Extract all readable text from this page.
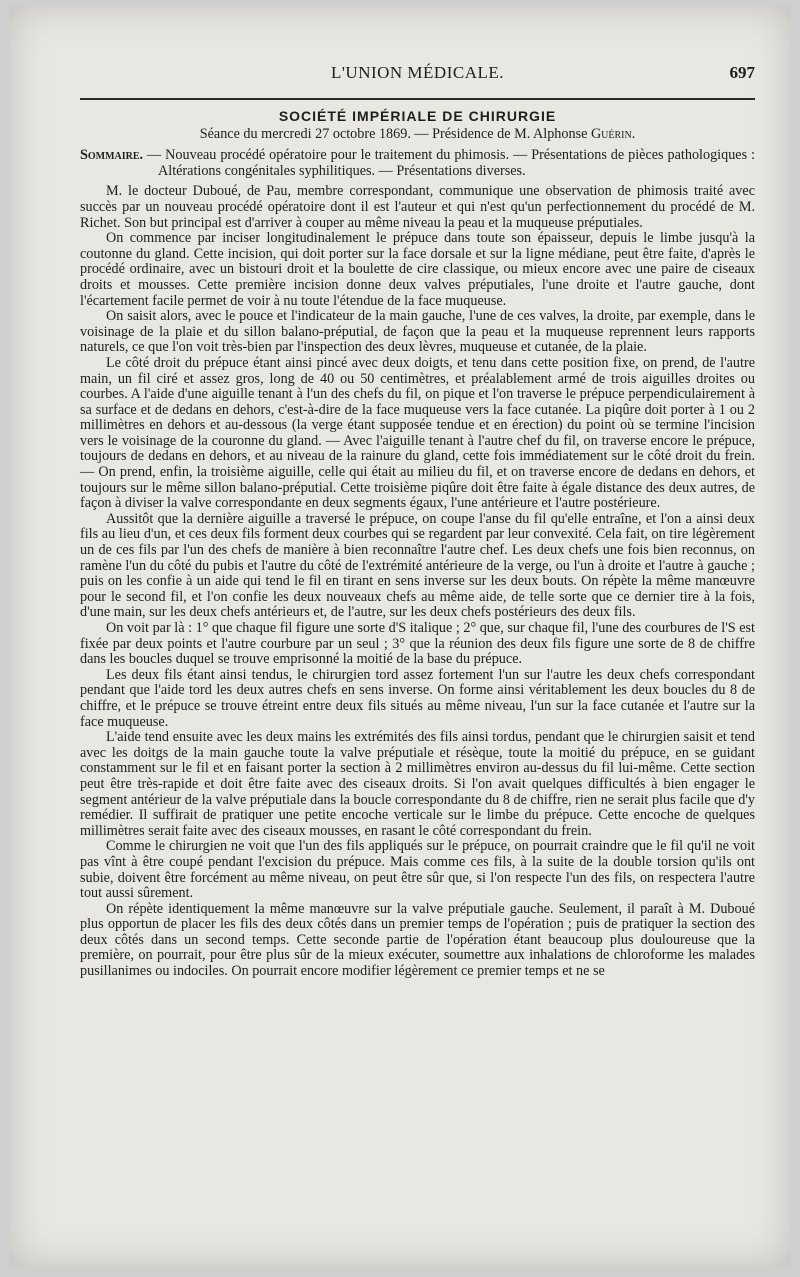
L'UNION MÉDICALE.	697

SOCIÉTÉ IMPÉRIALE DE CHIRURGIE

Séance du mercredi 27 octobre 1869. — Présidence de M. Alphonse Guérin.

Sommaire. — Nouveau procédé opératoire pour le traitement du phimosis. — Présentations de pièces pathologiques : Altérations congénitales syphilitiques. — Présentations diverses.

M. le docteur Duboué, de Pau, membre correspondant, communique une observation de phimosis traité avec succès par un nouveau procédé opératoire dont il est l'auteur et qui n'est qu'un perfectionnement du procédé de M. Richet. Son but principal est d'arriver à couper au même niveau la peau et la muqueuse préputiales.

On commence par inciser longitudinalement le prépuce dans toute son épaisseur, depuis le limbe jusqu'à la coutonne du gland. Cette incision, qui doit porter sur la face dorsale et sur la ligne médiane, peut être faite, d'après le procédé ordinaire, avec un bistouri droit et la boulette de cire classique, ou mieux encore avec une paire de ciseaux droits et mousses. Cette première incision donne deux valves préputiales, l'une droite et l'autre gauche, dont l'écartement facile permet de voir à nu toute l'étendue de la face muqueuse.

On saisit alors, avec le pouce et l'indicateur de la main gauche, l'une de ces valves, la droite, par exemple, dans le voisinage de la plaie et du sillon balano-préputial, de façon que la peau et la muqueuse reprennent leurs rapports naturels, ce que l'on voit très-bien par l'inspection des deux lèvres, muqueuse et cutanée, de la plaie.

Le côté droit du prépuce étant ainsi pincé avec deux doigts, et tenu dans cette position fixe, on prend, de l'autre main, un fil ciré et assez gros, long de 40 ou 50 centimètres, et préalablement armé de trois aiguilles droites ou courbes. A l'aide d'une aiguille tenant à l'un des chefs du fil, on pique et l'on traverse le prépuce perpendiculairement à sa surface et de dedans en dehors, c'est-à-dire de la face muqueuse vers la face cutanée. La piqûre doit porter à 1 ou 2 millimètres en dehors et au-dessous (la verge étant supposée tendue et en érection) du point où se termine l'incision vers le voisinage de la couronne du gland. — Avec l'aiguille tenant à l'autre chef du fil, on traverse encore le prépuce, toujours de dedans en dehors, et au niveau de la rainure du gland, cette fois immédiatement sur le côté droit du frein. — On prend, enfin, la troisième aiguille, celle qui était au milieu du fil, et on traverse encore de dedans en dehors, et toujours sur le même sillon balano-préputial. Cette troisième piqûre doit être faite à égale distance des deux autres, de façon à diviser la valve correspondante en deux segments égaux, l'une antérieure et l'autre postérieure.

Aussitôt que la dernière aiguille a traversé le prépuce, on coupe l'anse du fil qu'elle entraîne, et l'on a ainsi deux fils au lieu d'un, et ces deux fils forment deux courbes qui se regardent par leur convexité. Cela fait, on tire légèrement un de ces fils par l'un des chefs de manière à bien reconnaître l'autre chef. Les deux chefs une fois bien reconnus, on ramène l'un du côté du pubis et l'autre du côté de l'extrémité antérieure de la verge, ou l'un à droite et l'autre à gauche ; puis on les confie à un aide qui tend le fil en tirant en sens inverse sur les deux bouts. On répète la même manœuvre pour le second fil, et l'on confie les deux nouveaux chefs au même aide, de telle sorte que ce dernier tire à la fois, d'une main, sur les deux chefs antérieurs et, de l'autre, sur les deux chefs postérieurs des deux fils.

On voit par là : 1° que chaque fil figure une sorte d'S italique ; 2° que, sur chaque fil, l'une des courbures de l'S est fixée par deux points et l'autre courbure par un seul ; 3° que la réunion des deux fils figure une sorte de 8 de chiffre dans les boucles duquel se trouve emprisonné la moitié de la base du prépuce.

Les deux fils étant ainsi tendus, le chirurgien tord assez fortement l'un sur l'autre les deux chefs correspondant pendant que l'aide tord les deux autres chefs en sens inverse. On forme ainsi véritablement les deux boucles du 8 de chiffre, et le prépuce se trouve étreint entre deux fils situés au même niveau, l'un sur la face cutanée et l'autre sur la face muqueuse.

L'aide tend ensuite avec les deux mains les extrémités des fils ainsi tordus, pendant que le chirurgien saisit et tend avec les doitgs de la main gauche toute la valve préputiale et résèque, toute la moitié du prépuce, en se guidant constamment sur le fil et en faisant porter la section à 2 millimètres environ au-dessus du fil lui-même. Cette section peut être très-rapide et doit être faite avec des ciseaux droits. Si l'on avait quelques difficultés à bien engager le segment antérieur de la valve préputiale dans la boucle correspondante du 8 de chiffre, rien ne serait plus facile que d'y remédier. Il suffirait de pratiquer une petite encoche verticale sur le limbe du prépuce. Cette encoche de quelques millimètres serait faite avec des ciseaux mousses, en rasant le côté correspondant du frein.

Comme le chirurgien ne voit que l'un des fils appliqués sur le prépuce, on pourrait craindre que le fil qu'il ne voit pas vînt à être coupé pendant l'excision du prépuce. Mais comme ces fils, à la suite de la double torsion qu'ils ont subie, doivent être forcément au même niveau, on peut être sûr que, si l'on respecte l'un des fils, on respectera l'autre tout aussi sûrement.

On répète identiquement la même manœuvre sur la valve préputiale gauche. Seulement, il paraît à M. Duboué plus opportun de placer les fils des deux côtés dans un premier temps de l'opération ; puis de pratiquer la section des deux côtés dans un second temps. Cette seconde partie de l'opération étant beaucoup plus douloureuse que la première, on pourrait, pour être plus sûr de la mieux exécuter, soumettre aux inhalations de chloroforme les malades pusillanimes ou indociles. On pourrait encore modifier légèrement ce premier temps et ne se
